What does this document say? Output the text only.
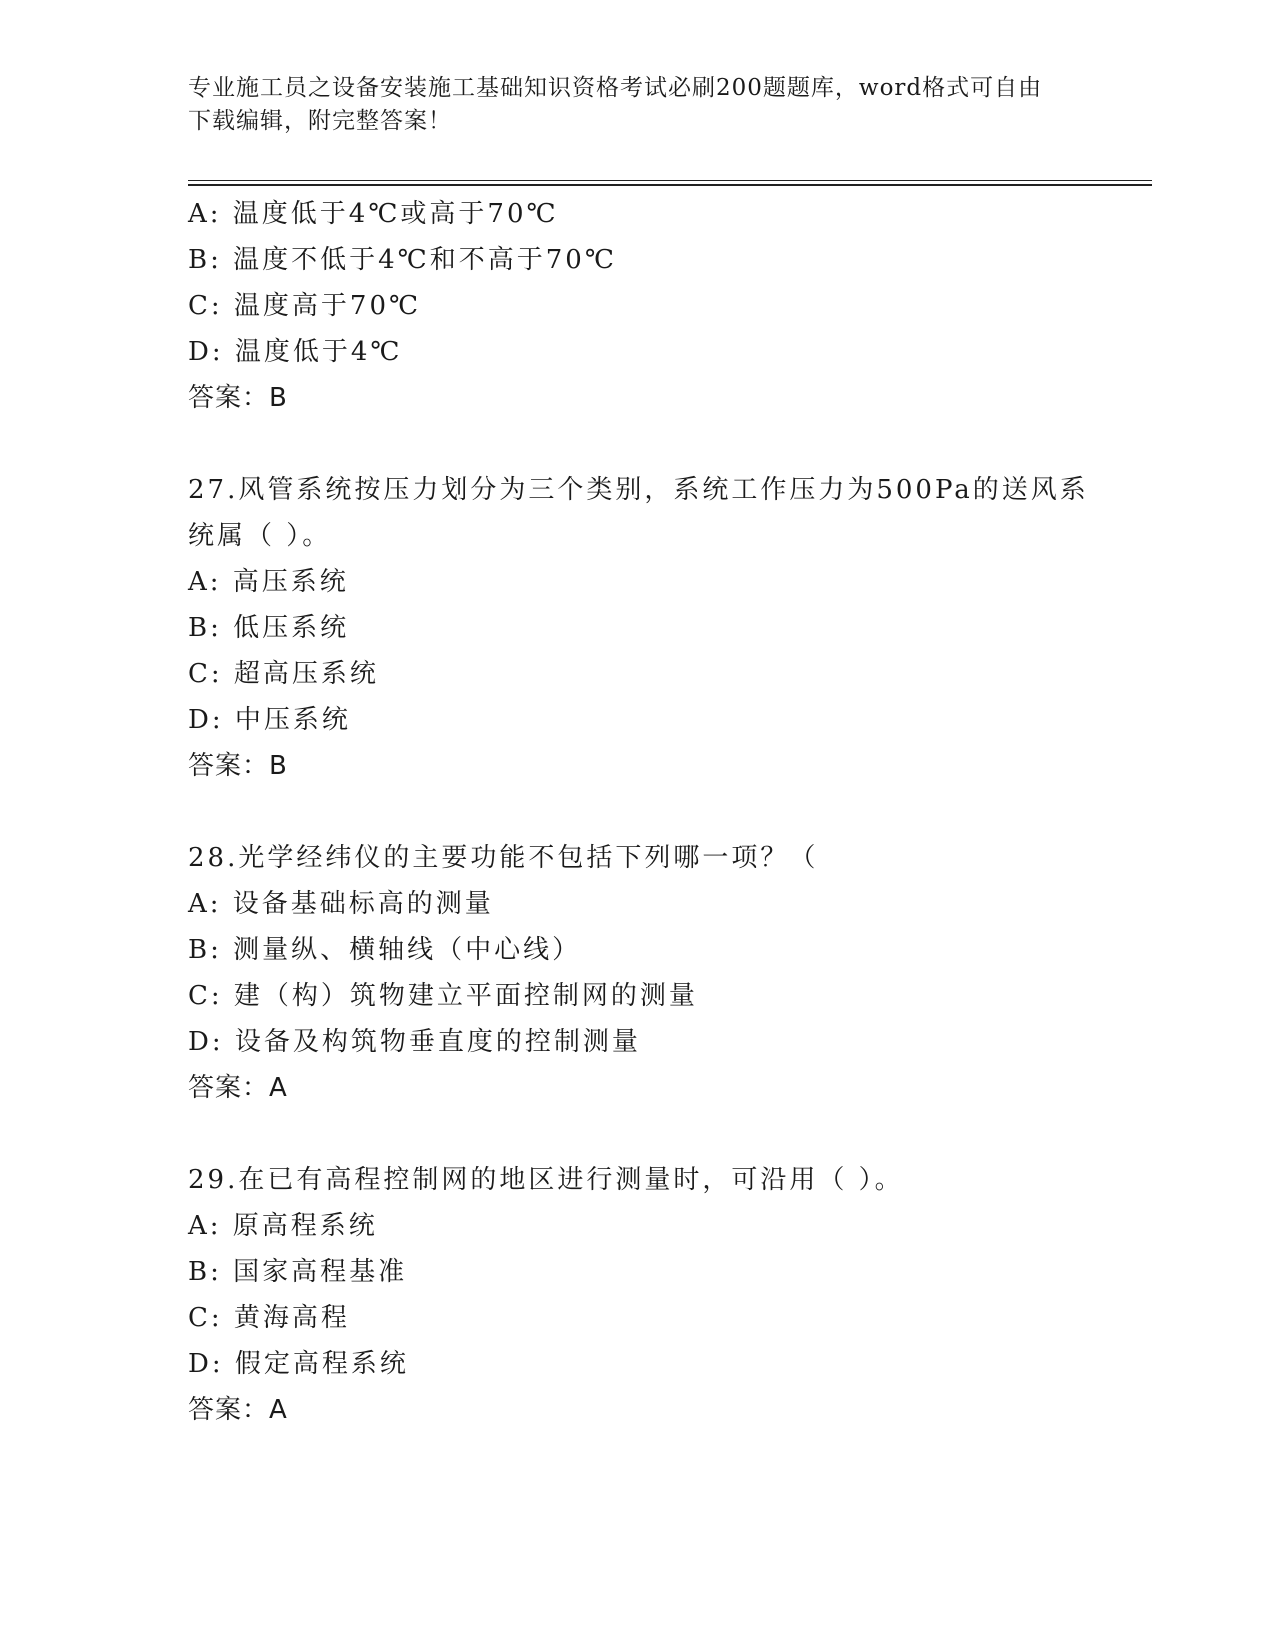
专业施工员之设备安装施工基础知识资格考试必刷200题题库，word格式可自由
下载编辑，附完整答案！
A: 温度低于4℃或高于70℃
B: 温度不低于4℃和不高于70℃
C: 温度高于70℃
D: 温度低于4℃
答案：B
27.风管系统按压力划分为三个类别，系统工作压力为500Pa的送风系
统属（ ）。
A: 高压系统
B: 低压系统
C: 超高压系统
D: 中压系统
答案：B
28.光学经纬仪的主要功能不包括下列哪一项？（
A: 设备基础标高的测量
B: 测量纵、横轴线（中心线）
C: 建（构）筑物建立平面控制网的测量
D: 设备及构筑物垂直度的控制测量
答案：A
29.在已有高程控制网的地区进行测量时，可沿用（ ）。
A: 原高程系统
B: 国家高程基准
C: 黄海高程
D: 假定高程系统
答案：A
